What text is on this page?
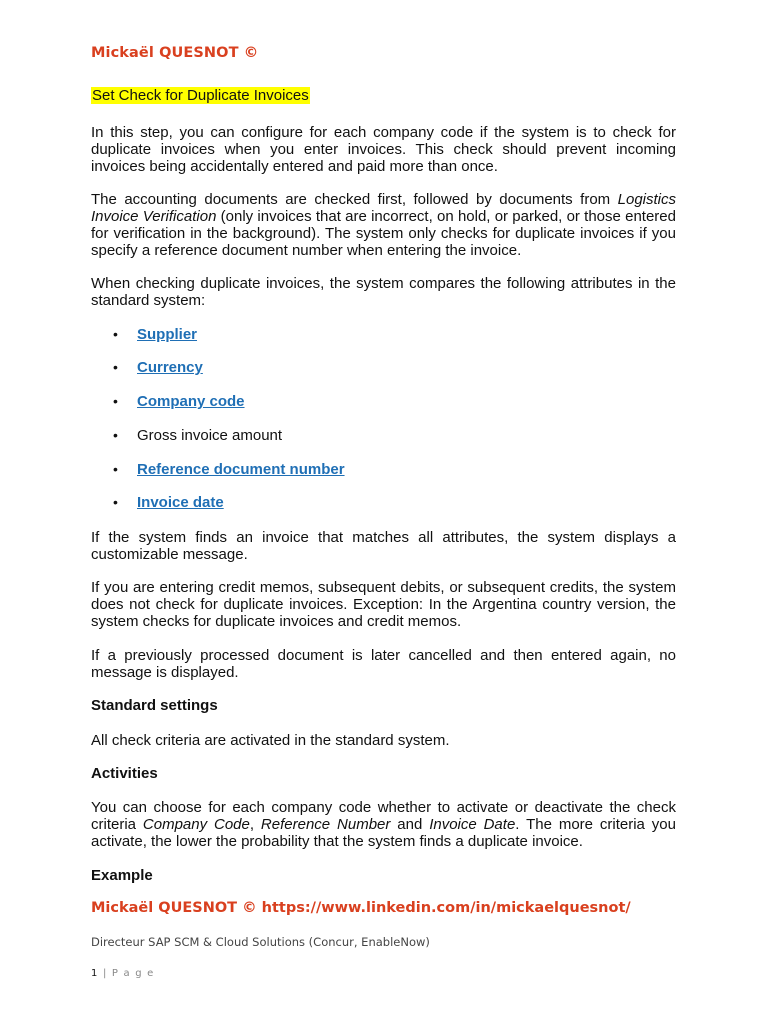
Mickaël QUESNOT ©
Set Check for Duplicate Invoices

In this step, you can configure for each company code if the system is to check for duplicate invoices when you enter invoices. This check should prevent incoming invoices being accidentally entered and paid more than once.

The accounting documents are checked first, followed by documents from Logistics Invoice Verification (only invoices that are incorrect, on hold, or parked, or those entered for verification in the background). The system only checks for duplicate invoices if you specify a reference document number when entering the invoice.

When checking duplicate invoices, the system compares the following attributes in the standard system:

• Supplier
• Currency
• Company code
• Gross invoice amount
• Reference document number
• Invoice date

If the system finds an invoice that matches all attributes, the system displays a customizable message.

If you are entering credit memos, subsequent debits, or subsequent credits, the system does not check for duplicate invoices. Exception: In the Argentina country version, the system checks for duplicate invoices and credit memos.

If a previously processed document is later cancelled and then entered again, no message is displayed.

Standard settings

All check criteria are activated in the standard system.

Activities

You can choose for each company code whether to activate or deactivate the check criteria Company Code, Reference Number and Invoice Date. The more criteria you activate, the lower the probability that the system finds a duplicate invoice.

Example

Mickaël QUESNOT © https://www.linkedin.com/in/mickaelquesnot/
Directeur SAP SCM & Cloud Solutions (Concur, EnableNow)
1 | P a g e
